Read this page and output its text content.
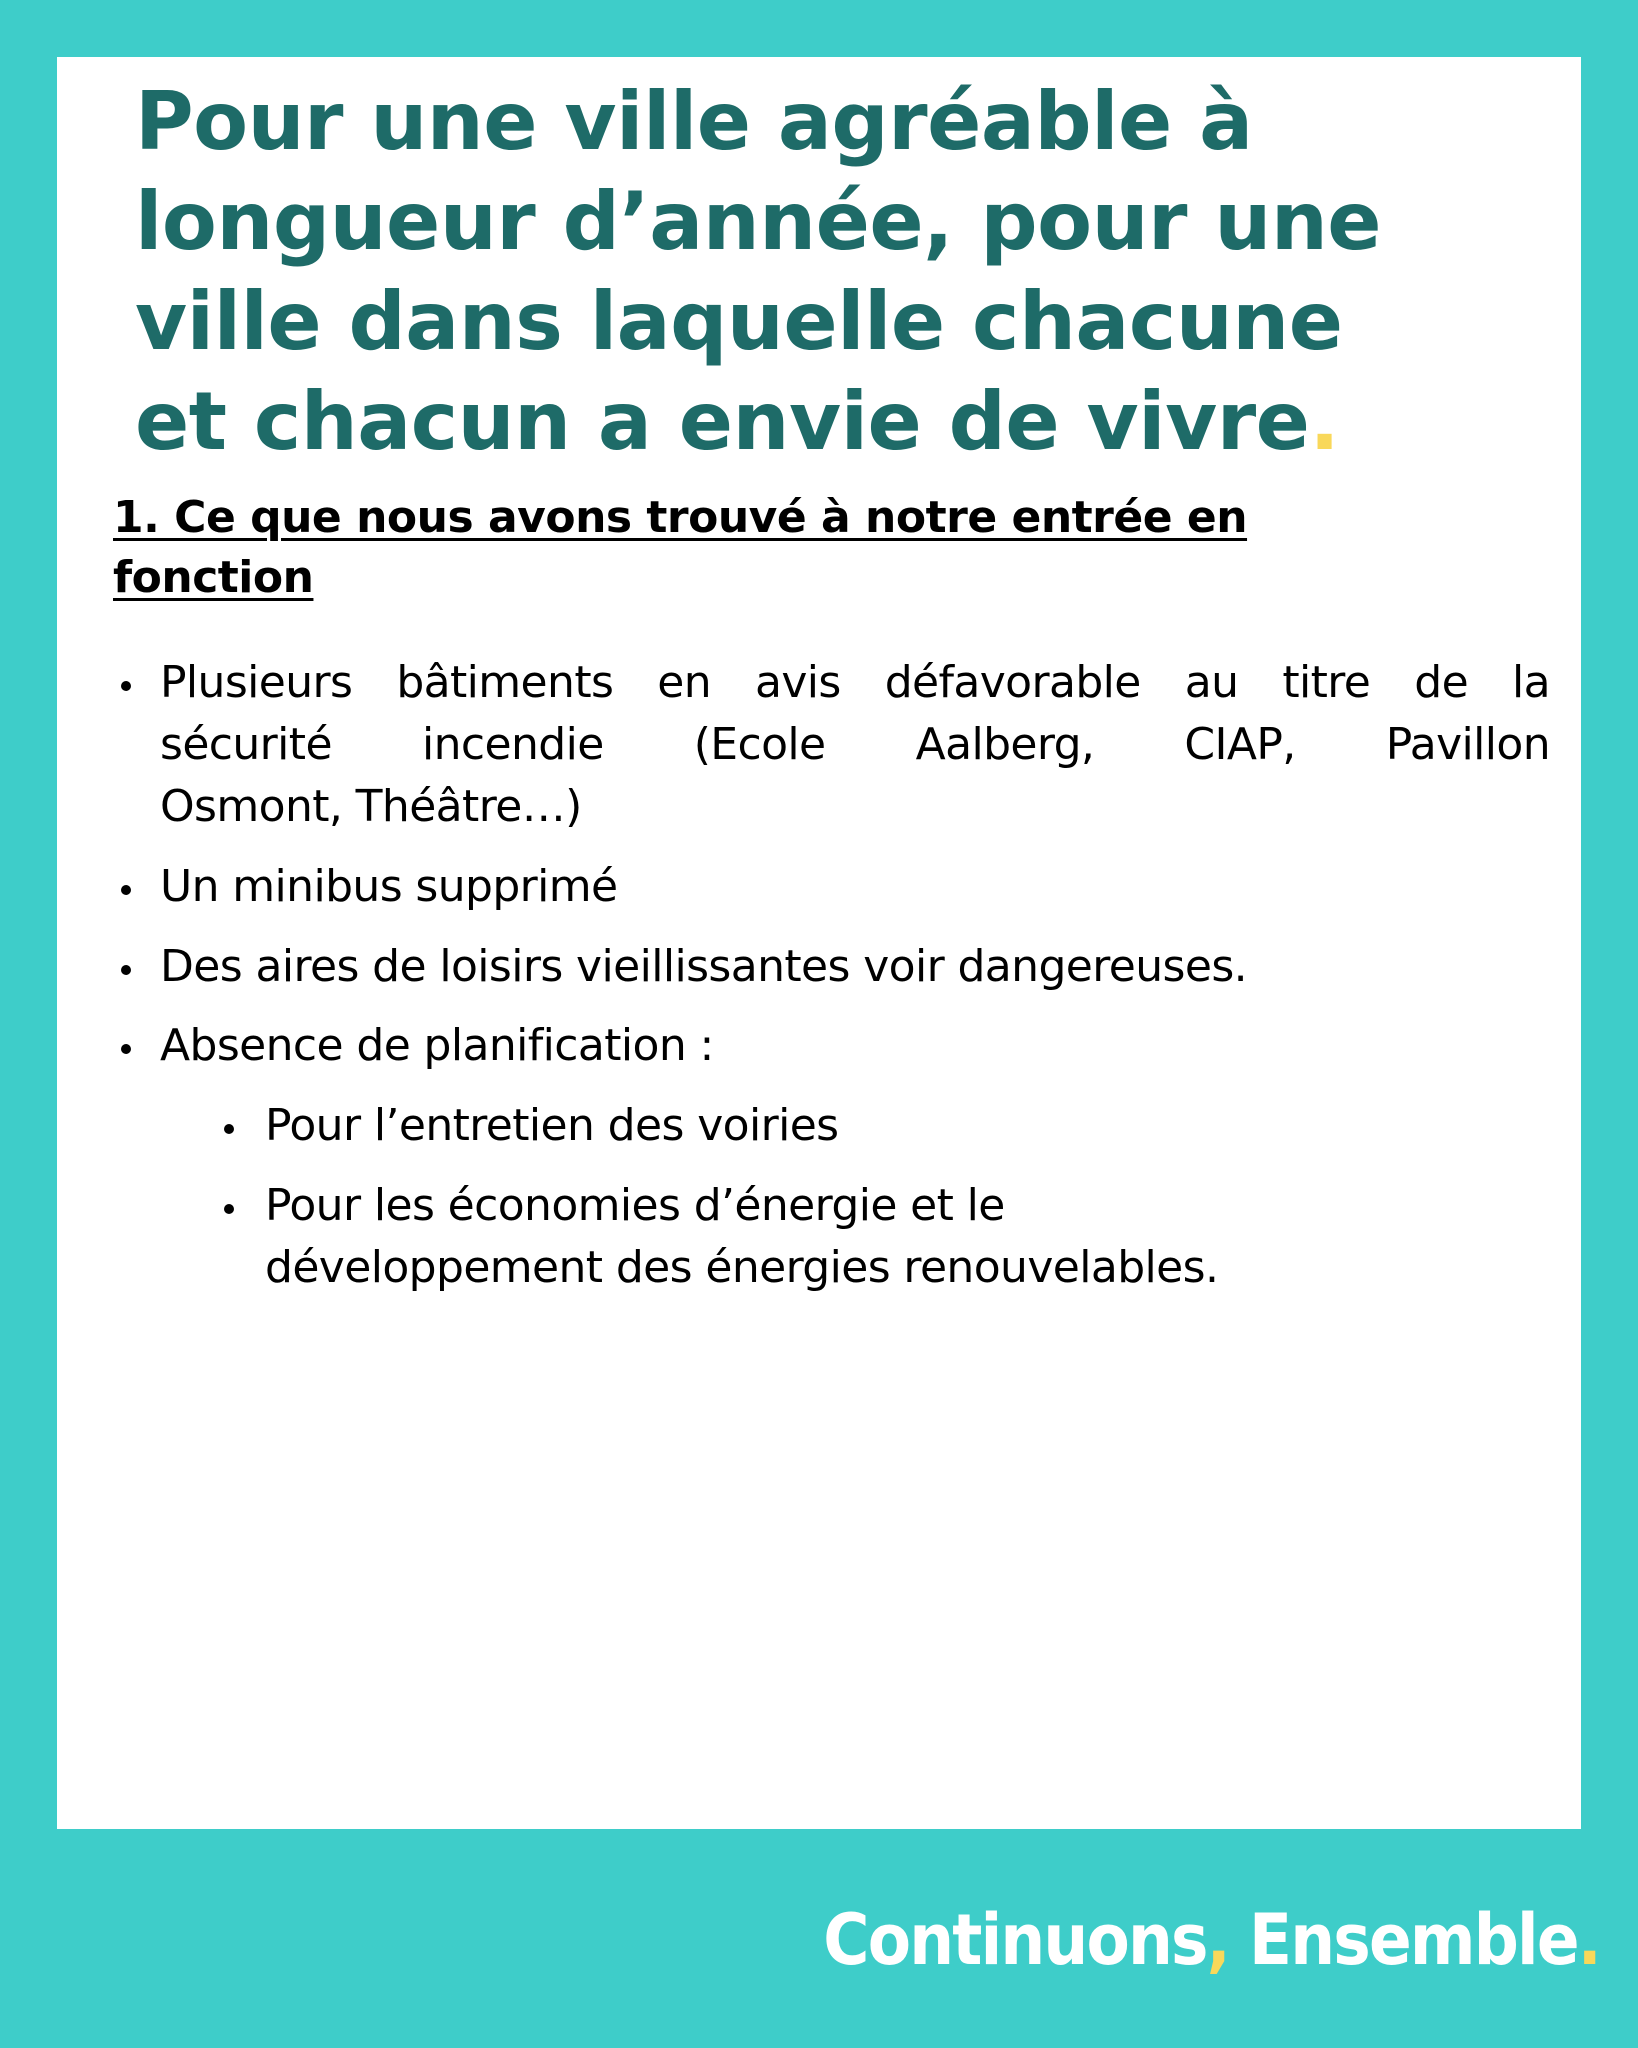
Pour une ville agréable à
longueur d’année, pour une
ville dans laquelle chacune
et chacun a envie de vivre.
1. Ce que nous avons trouvé à notre entrée en
fonction
Plusieurs bâtiments en avis défavorable au titre de la
sécurité incendie (Ecole Aalberg, CIAP, Pavillon
Osmont, Théâtre…)
Un minibus supprimé
Des aires de loisirs vieillissantes voir dangereuses.
Absence de planification :
Pour l’entretien des voiries
Pour les économies d’énergie et le
développement des énergies renouvelables.
Continuons, Ensemble.
